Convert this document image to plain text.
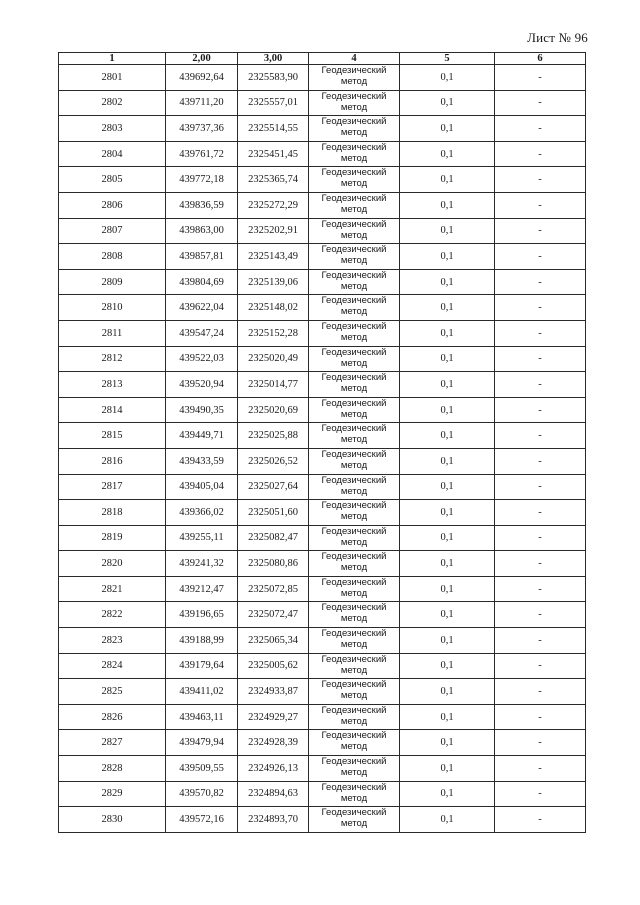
Лист № 96
1	2,00	3,00	4	5	6
2801	439692,64	2325583,90	Геодезический
метод	0,1	-
2802	439711,20	2325557,01	Геодезический
метод	0,1	-
2803	439737,36	2325514,55	Геодезический
метод	0,1	-
2804	439761,72	2325451,45	Геодезический
метод	0,1	-
2805	439772,18	2325365,74	Геодезический
метод	0,1	-
2806	439836,59	2325272,29	Геодезический
метод	0,1	-
2807	439863,00	2325202,91	Геодезический
метод	0,1	-
2808	439857,81	2325143,49	Геодезический
метод	0,1	-
2809	439804,69	2325139,06	Геодезический
метод	0,1	-
2810	439622,04	2325148,02	Геодезический
метод	0,1	-
2811	439547,24	2325152,28	Геодезический
метод	0,1	-
2812	439522,03	2325020,49	Геодезический
метод	0,1	-
2813	439520,94	2325014,77	Геодезический
метод	0,1	-
2814	439490,35	2325020,69	Геодезический
метод	0,1	-
2815	439449,71	2325025,88	Геодезический
метод	0,1	-
2816	439433,59	2325026,52	Геодезический
метод	0,1	-
2817	439405,04	2325027,64	Геодезический
метод	0,1	-
2818	439366,02	2325051,60	Геодезический
метод	0,1	-
2819	439255,11	2325082,47	Геодезический
метод	0,1	-
2820	439241,32	2325080,86	Геодезический
метод	0,1	-
2821	439212,47	2325072,85	Геодезический
метод	0,1	-
2822	439196,65	2325072,47	Геодезический
метод	0,1	-
2823	439188,99	2325065,34	Геодезический
метод	0,1	-
2824	439179,64	2325005,62	Геодезический
метод	0,1	-
2825	439411,02	2324933,87	Геодезический
метод	0,1	-
2826	439463,11	2324929,27	Геодезический
метод	0,1	-
2827	439479,94	2324928,39	Геодезический
метод	0,1	-
2828	439509,55	2324926,13	Геодезический
метод	0,1	-
2829	439570,82	2324894,63	Геодезический
метод	0,1	-
2830	439572,16	2324893,70	Геодезический
метод	0,1	-
